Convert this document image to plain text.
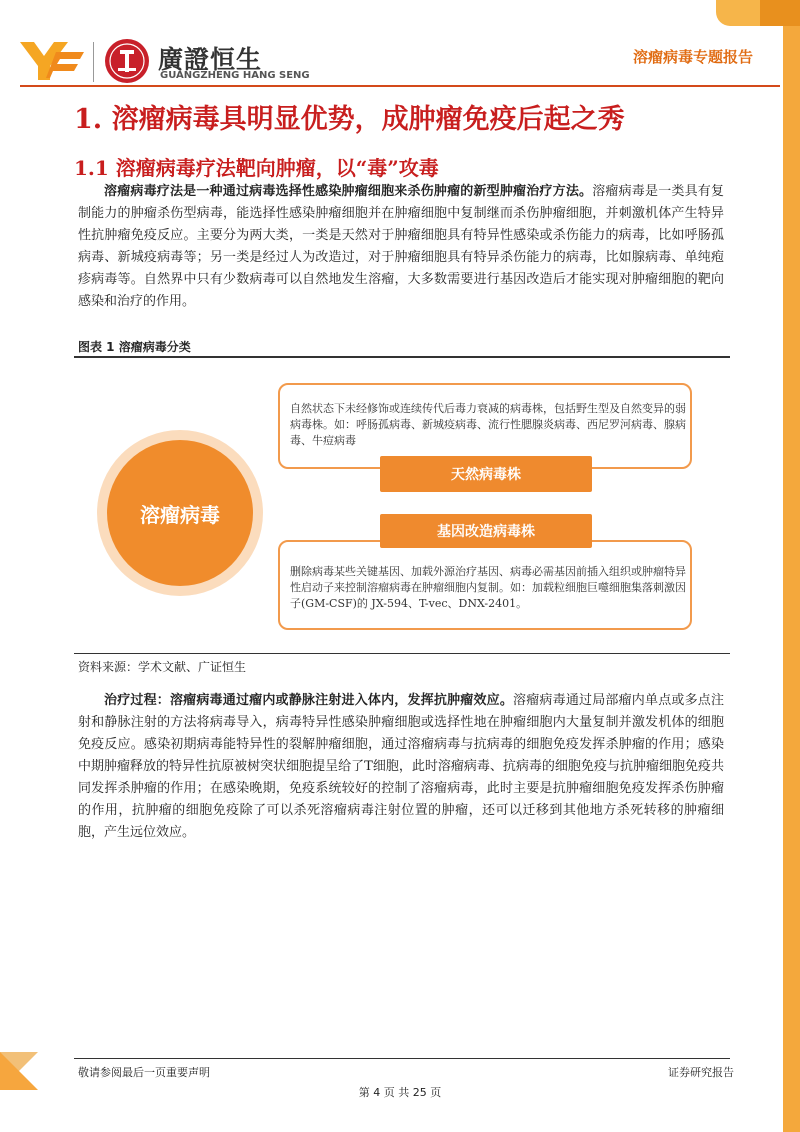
廣證恒生
GUANGZHENG HANG SENG
溶瘤病毒专题报告
1. 溶瘤病毒具明显优势，成肿瘤免疫后起之秀
1.1 溶瘤病毒疗法靶向肿瘤，以“毒”攻毒
溶瘤病毒疗法是一种通过病毒选择性感染肿瘤细胞来杀伤肿瘤的新型肿瘤治疗方法。溶瘤病毒是一类具有复制能力的肿瘤杀伤型病毒，能选择性感染肿瘤细胞并在肿瘤细胞中复制继而杀伤肿瘤细胞，并刺激机体产生特异性抗肿瘤免疫反应。主要分为两大类，一类是天然对于肿瘤细胞具有特异性感染或杀伤能力的病毒，比如呼肠孤病毒、新城疫病毒等；另一类是经过人为改造过，对于肿瘤细胞具有特异杀伤能力的病毒，比如腺病毒、单纯疱疹病毒等。自然界中只有少数病毒可以自然地发生溶瘤，大多数需要进行基因改造后才能实现对肿瘤细胞的靶向感染和治疗的作用。
图表 1 溶瘤病毒分类
溶瘤病毒
自然状态下未经修饰或连续传代后毒力衰减的病毒株，包括野生型及自然变异的弱病毒株。如：呼肠孤病毒、新城疫病毒、流行性腮腺炎病毒、西尼罗河病毒、腺病毒、牛痘病毒
天然病毒株
删除病毒某些关键基因、加载外源治疗基因、病毒必需基因前插入组织或肿瘤特异性启动子来控制溶瘤病毒在肿瘤细胞内复制。如：加载粒细胞巨噬细胞集落刺激因子(GM-CSF)的 JX-594、T-vec、DNX-2401。
基因改造病毒株
资料来源：学术文献、广证恒生
治疗过程：溶瘤病毒通过瘤内或静脉注射进入体内，发挥抗肿瘤效应。溶瘤病毒通过局部瘤内单点或多点注射和静脉注射的方法将病毒导入，病毒特异性感染肿瘤细胞或选择性地在肿瘤细胞内大量复制并激发机体的细胞免疫反应。感染初期病毒能特异性的裂解肿瘤细胞，通过溶瘤病毒与抗病毒的细胞免疫发挥杀肿瘤的作用；感染中期肿瘤释放的特异性抗原被树突状细胞提呈给了T细胞，此时溶瘤病毒、抗病毒的细胞免疫与抗肿瘤细胞免疫共同发挥杀肿瘤的作用；在感染晚期，免疫系统较好的控制了溶瘤病毒，此时主要是抗肿瘤细胞免疫发挥杀伤肿瘤的作用，抗肿瘤的细胞免疫除了可以杀死溶瘤病毒注射位置的肿瘤，还可以迁移到其他地方杀死转移的肿瘤细胞，产生远位效应。
敬请参阅最后一页重要声明	证券研究报告
第 4 页 共 25 页
